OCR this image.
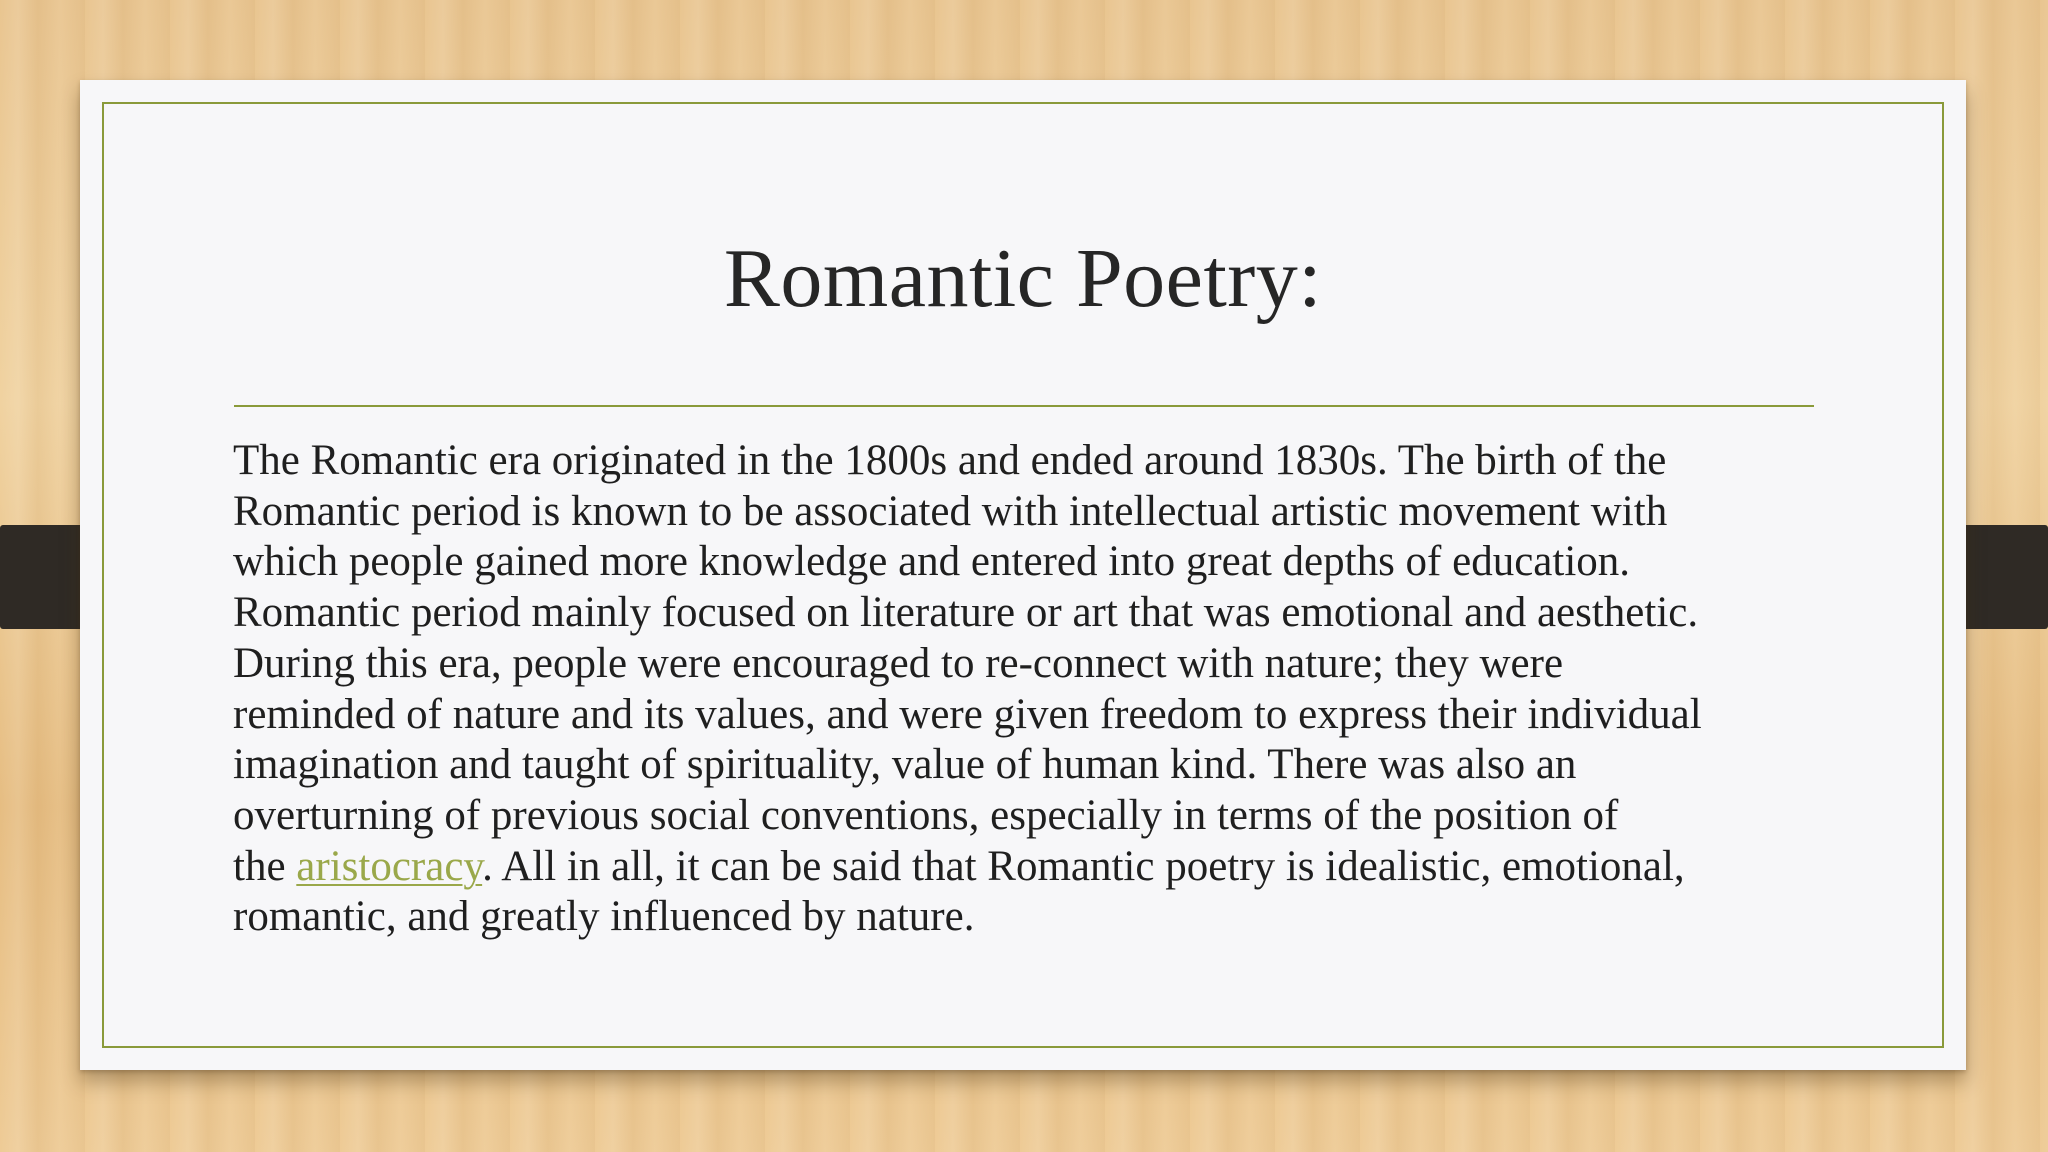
Romantic Poetry:
The Romantic era originated in the 1800s and ended around 1830s. The birth of the
Romantic period is known to be associated with intellectual artistic movement with
which people gained more knowledge and entered into great depths of education.
Romantic period mainly focused on literature or art that was emotional and aesthetic.
During this era, people were encouraged to re-connect with nature; they were
reminded of nature and its values, and were given freedom to express their individual
imagination and taught of spirituality, value of human kind. There was also an
overturning of previous social conventions, especially in terms of the position of
the aristocracy. All in all, it can be said that Romantic poetry is idealistic, emotional,
romantic, and greatly influenced by nature.
